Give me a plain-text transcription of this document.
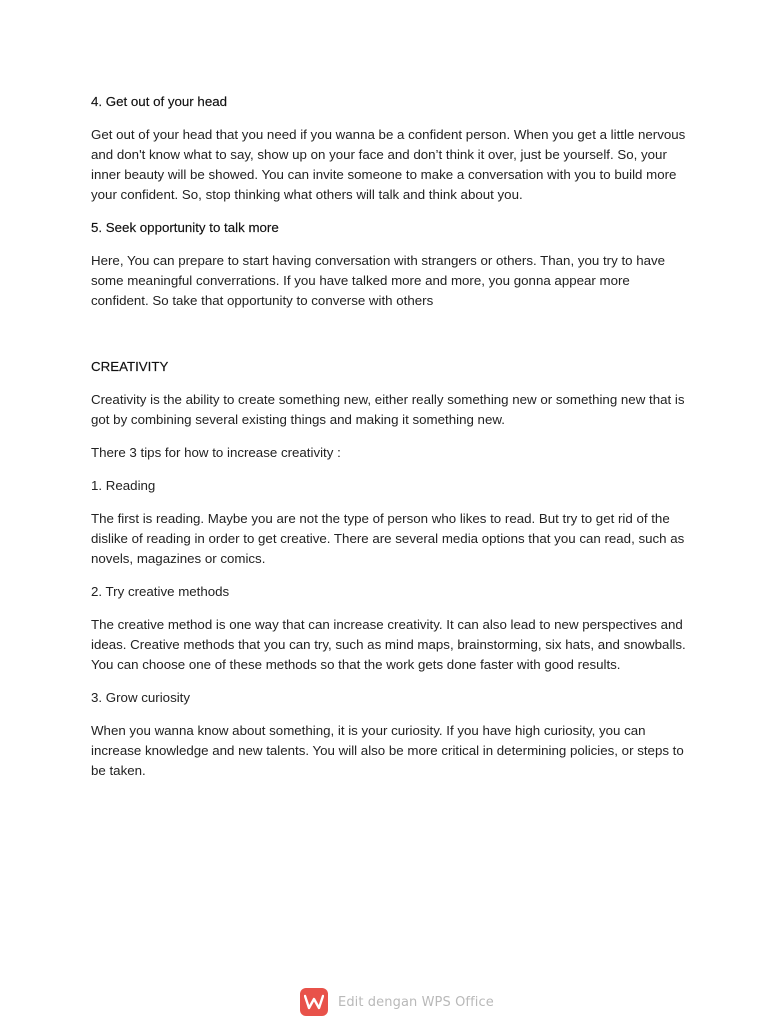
4. Get out of your head

Get out of your head that you need if you wanna be a confident person. When you get a little nervous and don't know what to say, show up on your face and don’t think it over, just be yourself. So, your inner beauty will be showed. You can invite someone to make a conversation with you to build more your confident. So, stop thinking what others will talk and think about you.

5. Seek opportunity to talk more

Here, You can prepare to start having conversation with strangers or others. Than, you try to have some meaningful converrations. If you have talked more and more, you gonna appear more confident. So take that opportunity to converse with others

CREATIVITY

Creativity is the ability to create something new, either really something new or something new that is got by combining several existing things and making it something new.

There 3 tips for how to increase creativity :

1. Reading

The first is reading. Maybe you are not the type of person who likes to read. But try to get rid of the dislike of reading in order to get creative. There are several media options that you can read, such as novels, magazines or comics.

2. Try creative methods

The creative method is one way that can increase creativity. It can also lead to new perspectives and ideas. Creative methods that you can try, such as mind maps, brainstorming, six hats, and snowballs. You can choose one of these methods so that the work gets done faster with good results.

3. Grow curiosity

When you wanna know about something, it is your curiosity. If you have high curiosity, you can increase knowledge and new talents. You will also be more critical in determining policies, or steps to be taken.

Edit dengan WPS Office
